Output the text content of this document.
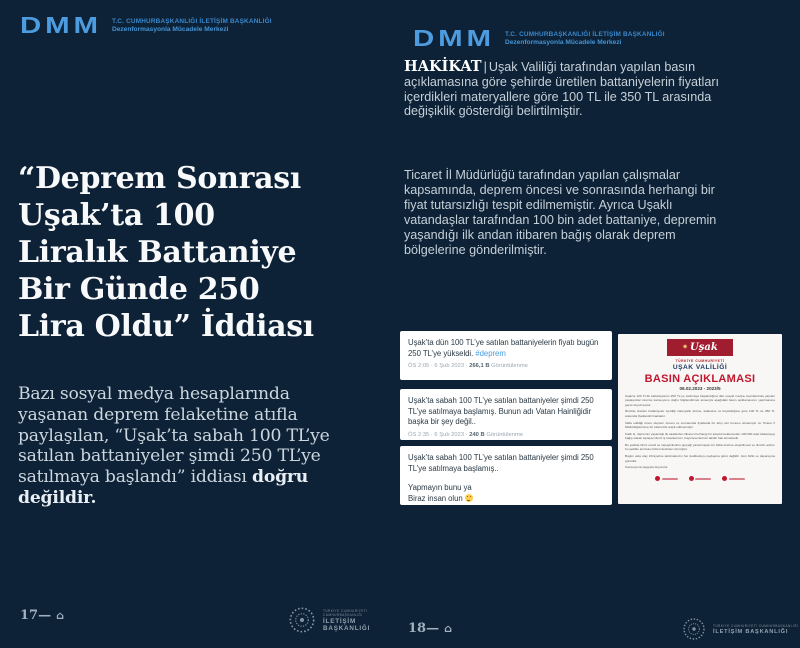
DMM T.C. CUMHURBAŞKANLIĞI İLETİŞİM BAŞKANLIĞI
Dezenformasyonla Mücadele Merkezi
“Deprem Sonrası Uşak’ta 100 Liralık Battaniye Bir Günde 250 Lira Oldu” İddiası

Bazı sosyal medya hesaplarında yaşanan deprem felaketine atıfla paylaşılan, “Uşak’ta sabah 100 TL’ye satılan battaniyeler şimdi 250 TL’ye satılmaya başlandı” iddiası doğru değildir.

17— ⌂	TÜRKİYE CUMHURİYETİ CUMHURBAŞKANLIĞI
İLETİŞİM BAŞKANLIĞI
DMM T.C. CUMHURBAŞKANLIĞI İLETİŞİM BAŞKANLIĞI
Dezenformasyonla Mücadele Merkezi

HAKİKAT | Uşak Valiliği tarafından yapılan basın açıklamasına göre şehirde üretilen battaniyelerin fiyatları içerdikleri materyallere göre 100 TL ile 350 TL arasında değişiklik gösterdiği belirtilmiştir.

Ticaret İl Müdürlüğü tarafından yapılan çalışmalar kapsamında, deprem öncesi ve sonrasında herhangi bir fiyat tutarsızlığı tespit edilmemiştir. Ayrıca Uşaklı vatandaşlar tarafından 100 bin adet battaniye, depremin yaşandığı ilk andan itibaren bağış olarak deprem bölgelerine gönderilmiştir.

Uşak’ta dün 100 TL’ye satılan battaniyelerin fiyatı bugün 250 TL’ye yükseldi. #deprem

ÖS 2:05 · 6 Şub 2023 · 266,1 B Görüntülenme

Uşak’ta sabah 100 TL’ye satılan battaniyeler şimdi 250 TL’ye satılmaya başlamış. Bunun adı Vatan Hainliğidir başka bir şey değil..

ÖS 2:35 · 6 Şub 2023 · 240 B Görüntülenme

Uşak’ta sabah 100 TL’ye satılan battaniyeler şimdi 250 TL’ye satılmaya başlamış..

Yapmayın bunu ya

Biraz insan olun

✷ Uşak
TÜRKİYE CUMHURİYETİ
UŞAK VALİLİĞİ
BASIN AÇIKLAMASI
06.02.2023 - 2023/5

Uşak'ta 100 TL'lik battaniyelerin 250 TL'ye satılmaya başlandığına dair sosyal medya mecralarında yapılan paylaşımlar üzerine kamuoyunu doğru bilgilendirmek amacıyla aşağıdaki basın açıklamasının yapılmasına gerek duyulmuştur.

İlimizde üretilen battaniyeler içerdiği materyalin türüne, kalitesine ve büyüklüğüne göre 100 TL ile 350 TL arasında fiyatlandırılmaktadır.

İddia edildiği üzere deprem öncesi ve sonrasında fiyatlarda bir artış söz konusu olmamıştır ve Ticaret İl Müdürlüğümüzce bir tutarsızlık tespit edilmemiştir.

Kaldı ki, depremin yaşandığı ilk saatlerden itibaren herhangi bir karşılık beklemeden 100.000 adet battaniyeyi bağış olarak toplayan ilimiz iş insanlarımız, hayırseverlerimiz takdiri hak etmektedir.

Bu şekilde ilimiz esnaf ve sanayicilerinin gerçeği yansıtmayan bir iddia üzerine eleştirilmesi ve ilimizin adının bu şekilde anılması bizleri derinden üzmüştür.

Bugün asla olay zihniyetine takılmaksızın her dedikoduyu paylaşma günü değildir. Gün birlik ve dayanışma günüdür.

Kamuoyuna saygıyla duyurulur.

18— ⌂	TÜRKİYE CUMHURİYETİ CUMHURBAŞKANLIĞI
İLETİŞİM BAŞKANLIĞI
